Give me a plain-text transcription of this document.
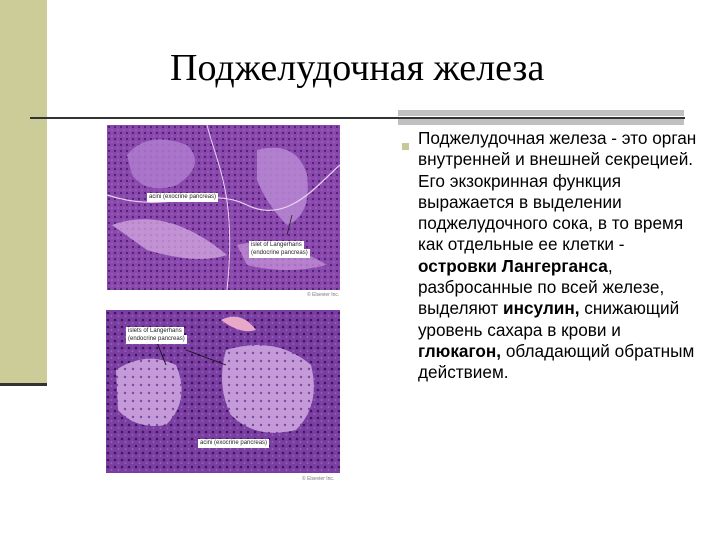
Поджелудочная железа
acini (exocrine pancreas)
islet of Langerhans
(endocrine pancreas)
© Elsevier Inc.
islets of Langerhans
(endocrine pancreas)
acini (exocrine pancreas)
© Elsevier Inc.
Поджелудочная железа - это орган внутренней и внешней секрецией. Его экзокринная функция выражается в выделении поджелудочного сока, в то время как отдельные ее клетки - островки Лангерганса, разбросанные по всей железе, выделяют инсулин, снижающий уровень сахара в крови и глюкагон, обладающий обратным действием.
